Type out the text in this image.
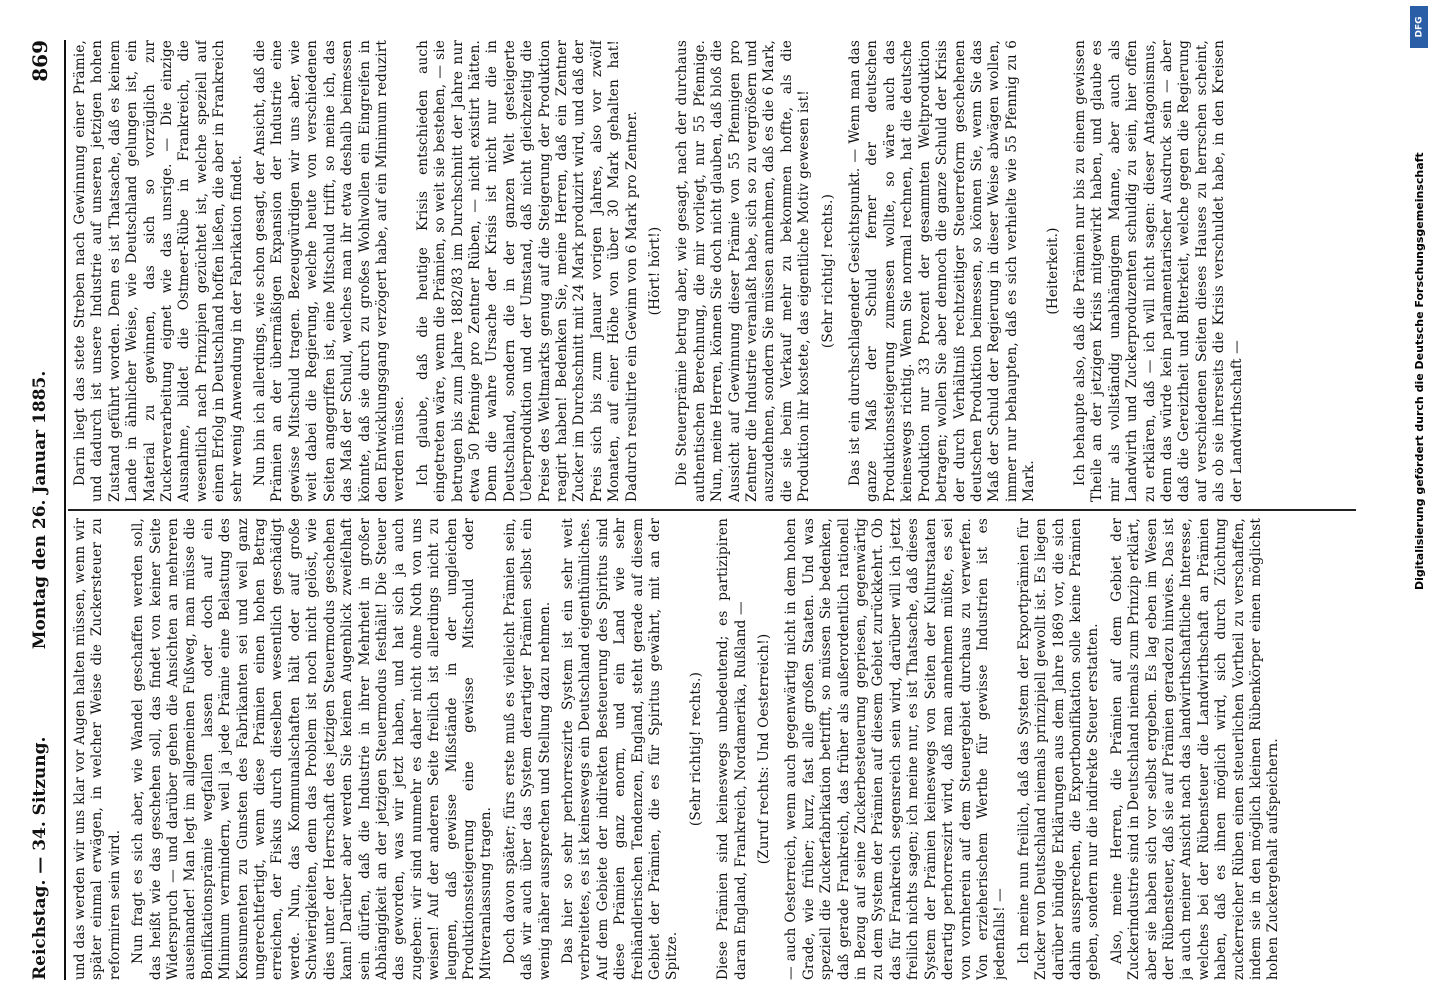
Reichstag. — 34. Sitzung.
Montag den 26. Januar 1885.
869

und das werden wir uns klar vor Augen halten müssen, wenn wir später einmal erwägen, in welcher Weise die Zuckersteuer zu reformiren sein wird. Nun fragt es sich aber, wie Wandel geschaffen werden soll, das heißt wie das geschehen soll, das findet von keiner Seite Widerspruch — und darüber gehen die Ansichten an mehreren auseinander! Man legt im allgemeinen Fußweg, man müsse die Bonifikationsprämie wegfallen lassen oder doch auf ein Minimum vermindern, weil ja jede Prämie eine Belastung des Konsumenten zu Gunsten des Fabrikanten sei und weil ganz ungerechtfertigt, wenn diese Prämien einen hohen Betrag erreichen, der Fiskus durch dieselben wesentlich geschädigt werde. Nun, das Kommunalschaften hält oder auf große Schwierigkeiten, denn das Problem ist noch nicht gelöst, wie dies unter der Herrschaft des jetzigen Steuermodus geschehen kann! Darüber aber werden Sie keinen Augenblick zweifelhaft sein dürfen, daß die Industrie in ihrer Mehrheit in großer Abhängigkeit an der jetzigen Steuermodus festhält! Die Steuer das geworden, was wir jetzt haben, und hat sich ja auch zugeben: wir sind nunmehr es daher nicht ohne Noth von uns weisen! Auf der anderen Seite freilich ist allerdings nicht zu leugnen, daß gewisse Mißstände in der ungleichen Produktionssteigerung eine gewisse Mitschuld oder Mitveranlassung tragen. Doch davon später; fürs erste muß es vielleicht Prämien sein, daß wir auch über das System derartiger Prämien selbst ein wenig näher aussprechen und Stellung dazu nehmen. Das hier so sehr perhorreszirte System ist ein sehr weit verbreitetes, es ist keineswegs ein Deutschland eigenthümliches. Auf dem Gebiete der indirekten Besteuerung des Spiritus sind diese Prämien ganz enorm, und ein Land wie sehr freihändlerischen Tendenzen, England, steht gerade auf diesem Gebiet der Prämien, die es für Spiritus gewährt, mit an der Spitze.

(Sehr richtig! rechts.) Diese Prämien sind keineswegs unbedeutend; es partizipiren daran England, Frankreich, Nordamerika, Rußland — (Zuruf rechts: Und Oesterreich!) — auch Oesterreich, wenn auch gegenwärtig nicht in dem hohen Grade, wie früher; kurz, fast alle großen Staaten. Und was speziell die Zuckerfabrikation betrifft, so müssen Sie bedenken, daß gerade Frankreich, das früher als außerordentlich rationell in Bezug auf seine Zuckerbesteuerung gepriesen, gegenwärtig zu dem System der Prämien auf diesem Gebiet zurückkehrt. Ob das für Frankreich segensreich sein wird, darüber will ich jetzt freilich nichts sagen; ich meine nur, es ist Thatsache, daß dieses System der Prämien keineswegs von Seiten der Kulturstaaten derartig perhorreszirt wird, daß man annehmen müßte, es sei von vornherein auf dem Steuergebiet durchaus zu verwerfen. Von erzieherischem Werthe für gewisse Industrien ist es jedenfalls! — Ich meine nun freilich, daß das System der Exportprämien für Zucker von Deutschland niemals prinzipiell gewollt ist. Es liegen darüber bündige Erklärungen aus dem Jahre 1869 vor, die sich dahin aussprechen, die Exportbonifikation solle keine Prämien geben, sondern nur die indirekte Steuer erstatten. Also, meine Herren, die Prämien auf dem Gebiet der Zuckerindustrie sind in Deutschland niemals zum Prinzip erklärt, aber sie haben sich vor selbst ergeben. Es lag eben im Wesen der Rübensteuer, daß sie auf Prämien geradezu hinwies. Das ist ja auch meiner Ansicht nach das landwirthschaftliche Interesse, welches bei der Rübensteuer die Landwirthschaft an Prämien haben, daß es ihnen möglich wird, sich durch Züchtung zuckerreicher Rüben einen steuerlichen Vortheil zu verschaffen, indem sie in den möglich kleinen Rübenkörper einen möglichst hohen Zuckergehalt aufspeichern.

Darin liegt das stete Streben nach Gewinnung einer Prämie, und dadurch ist unsere Industrie auf unseren jetzigen hohen Zustand geführt worden. Denn es ist Thatsache, daß es keinem Lande in ähnlicher Weise, wie Deutschland gelungen ist, ein Material zu gewinnen, das sich so vorzüglich zur Zuckerverarbeitung eignet wie das unsrige. — Die einzige Ausnahme, bildet die Ostmeer-Rübe in Frankreich, die wesentlich nach Prinzipien gezüchtet ist, welche speziell auf einen Erfolg in Deutschland hoffen ließen, die aber in Frankreich sehr wenig Anwendung in der Fabrikation findet. Nun bin ich allerdings, wie schon gesagt, der Ansicht, daß die Prämien an der übermäßigen Expansion der Industrie eine gewisse Mitschuld tragen. Bezeugwürdigen wir uns aber, wie weit dabei die Regierung, welche heute von verschiedenen Seiten angegriffen ist, eine Mitschuld trifft, so meine ich, das das Maß der Schuld, welches man ihr etwa deshalb beimessen könnte, daß sie durch zu großes Wohlwollen ein Eingreifen in den Entwicklungsgang verzögert habe, auf ein Minimum reduzirt werden müsse. Ich glaube, daß die heutige Krisis entschieden auch eingetreten wäre, wenn die Prämien, so weit sie bestehen, — sie betrugen bis zum Jahre 1882/83 im Durchschnitt der Jahre nur etwa 50 Pfennige pro Zentner Rüben, — nicht existirt hätten. Denn die wahre Ursache der Krisis ist nicht nur die in Deutschland, sondern die in der ganzen Welt gesteigerte Ueberproduktion und der Umstand, daß nicht gleichzeitig die Preise des Weltmarkts genug auf die Steigerung der Produktion reagirt haben! Bedenken Sie, meine Herren, daß ein Zentner Zucker im Durchschnitt mit 24 Mark produzirt wird, und daß der Preis sich bis zum Januar vorigen Jahres, also vor zwölf Monaten, auf einer Höhe von über 30 Mark gehalten hat! Dadurch resultirte ein Gewinn von 6 Mark pro Zentner. (Hört! hört!) Die Steuerprämie betrug aber, wie gesagt, nach der durchaus authentischen Berechnung, die mir vorliegt, nur 55 Pfennige. Nun, meine Herren, können Sie doch nicht glauben, daß bloß die Aussicht auf Gewinnung dieser Prämie von 55 Pfennigen pro Zentner die Industrie veranlaßt habe, sich so zu vergrößern und auszudehnen, sondern Sie müssen annehmen, daß es die 6 Mark, die sie beim Verkauf mehr zu bekommen hoffte, als die Produktion ihr kostete, das eigentliche Motiv gewesen ist! (Sehr richtig! rechts.) Das ist ein durchschlagender Gesichtspunkt. — Wenn man das ganze Maß der Schuld ferner der deutschen Produktionssteigerung zumessen wollte, so wäre auch das keineswegs richtig. Wenn Sie normal rechnen, hat die deutsche Produktion nur 33 Prozent der gesammten Weltproduktion betragen; wollen Sie aber dennoch die ganze Schuld der Krisis der durch Verhältniß rechtzeitiger Steuerreform geschehenen deutschen Produktion beimessen, so können Sie, wenn Sie das Maß der Schuld der Regierung in dieser Weise abwägen wollen, immer nur behaupten, daß es sich verhielte wie 55 Pfennig zu 6 Mark.

(Heiterkeit.) Ich behaupte also, daß die Prämien nur bis zu einem gewissen Theile an der jetzigen Krisis mitgewirkt haben, und glaube es mir als vollständig unabhängigem Manne, aber auch als Landwirth und Zuckerproduzenten schuldig zu sein, hier offen zu erklären, daß — ich will nicht sagen: dieser Antagonismus, denn das würde kein parlamentarischer Ausdruck sein — aber daß die Gereiztheit und Bitterkeit, welche gegen die Regierung auf verschiedenen Seiten dieses Hauses zu herrschen scheint, als ob sie ihrerseits die Krisis verschuldet habe, in den Kreisen der Landwirthschaft —

DFG
Digitalisierung gefördert durch die Deutsche Forschungsgemeinschaft
